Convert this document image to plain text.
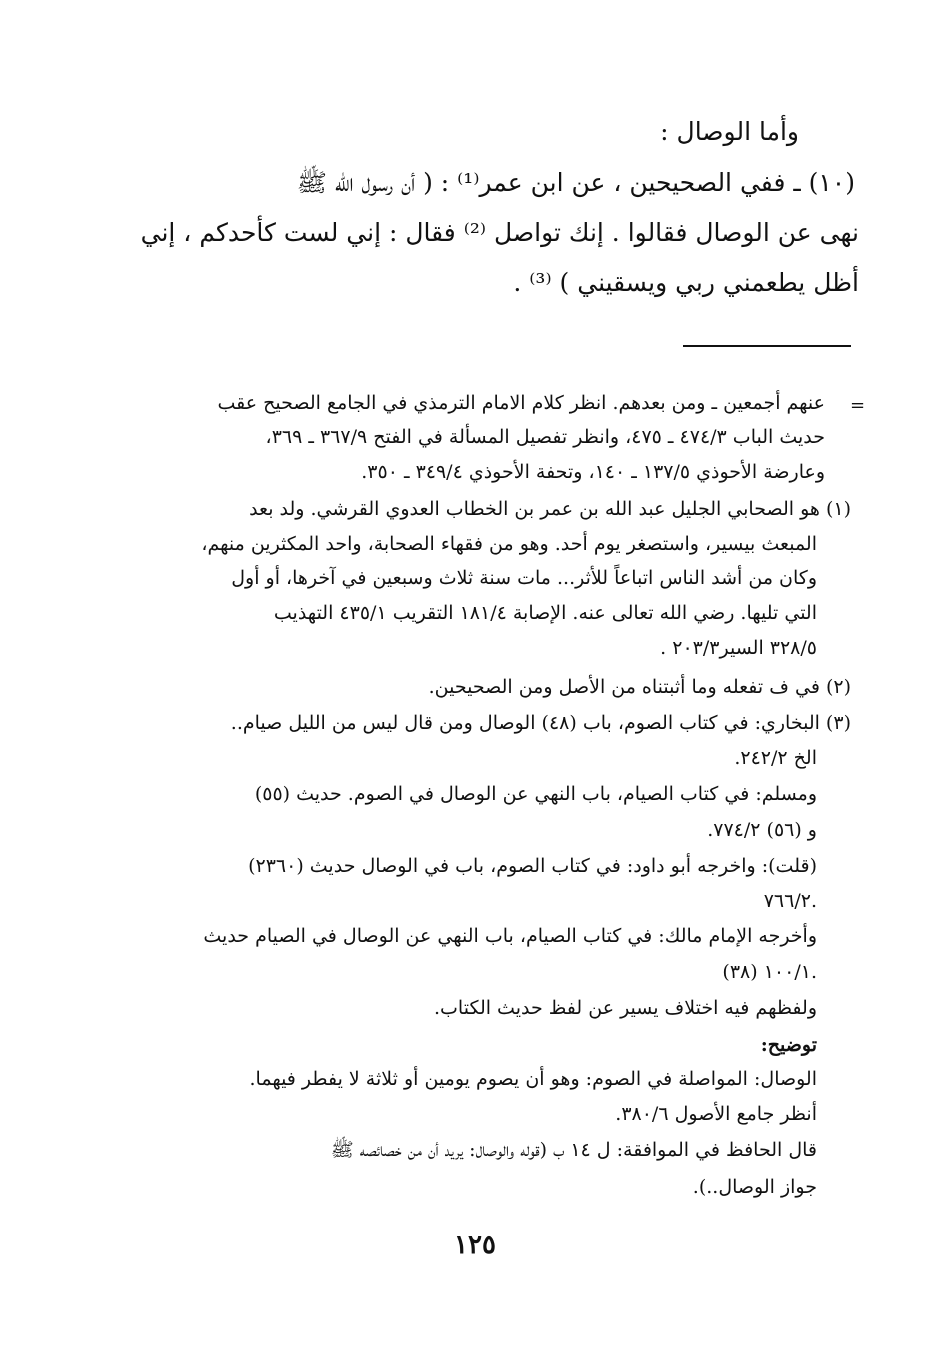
وأما الوصال :
(١٠) ـ ففي الصحيحين ، عن ابن عمر⁽¹⁾ : ( أن رسول الله ﷺ
نهى عن الوصال فقالوا . إنك تواصل ⁽²⁾ فقال : إني لست كأحدكم ، إني
أظل يطعمني ربي ويسقيني ) ⁽³⁾ .
=
عنهم أجمعين ـ ومن بعدهم. انظر كلام الامام الترمذي في الجامع الصحيح عقب
حديث الباب ٤٧٤/٣ ـ ٤٧٥، وانظر تفصيل المسألة في الفتح ٣٦٧/٩ ـ ٣٦٩،
وعارضة الأحوذي ١٣٧/٥ ـ ١٤٠، وتحفة الأحوذي ٣٤٩/٤ ـ ٣٥٠.
(١) هو الصحابي الجليل عبد الله بن عمر بن الخطاب العدوي القرشي. ولد بعد
المبعث بيسير، واستصغر يوم أحد. وهو من فقهاء الصحابة، واحد المكثرين منهم،
وكان من أشد الناس اتباعاً للأثر... مات سنة ثلاث وسبعين في آخرها، أو أول
التي تليها. رضي الله تعالى عنه. الإصابة ١٨١/٤ التقريب ٤٣٥/١ التهذيب
٣٢٨/٥ السير٢٠٣/٣ .
(٢) في ف تفعله وما أثبتناه من الأصل ومن الصحيحين.
(٣) البخاري: في كتاب الصوم، باب (٤٨) الوصال ومن قال ليس من الليل صيام..
الخ ٢٤٢/٢.
ومسلم: في كتاب الصيام، باب النهي عن الوصال في الصوم. حديث (٥٥)
و (٥٦) ٧٧٤/٢.
(قلت): واخرجه أبو داود: في كتاب الصوم، باب في الوصال حديث (٢٣٦٠)
٧٦٦/٢.
وأخرجه الإمام مالك: في كتاب الصيام، باب النهي عن الوصال في الصيام حديث
(٣٨) ١٠٠/١.
ولفظهم فيه اختلاف يسير عن لفظ حديث الكتاب.
توضيح:
الوصال: المواصلة في الصوم: وهو أن يصوم يومين أو ثلاثة لا يفطر فيهما.
أنظر جامع الأصول ٣٨٠/٦.
قال الحافظ في الموافقة: ل ١٤ ب (قوله والوصال: يريد أن من خصائصه ﷺ
جواز الوصال..).
١٢٥
